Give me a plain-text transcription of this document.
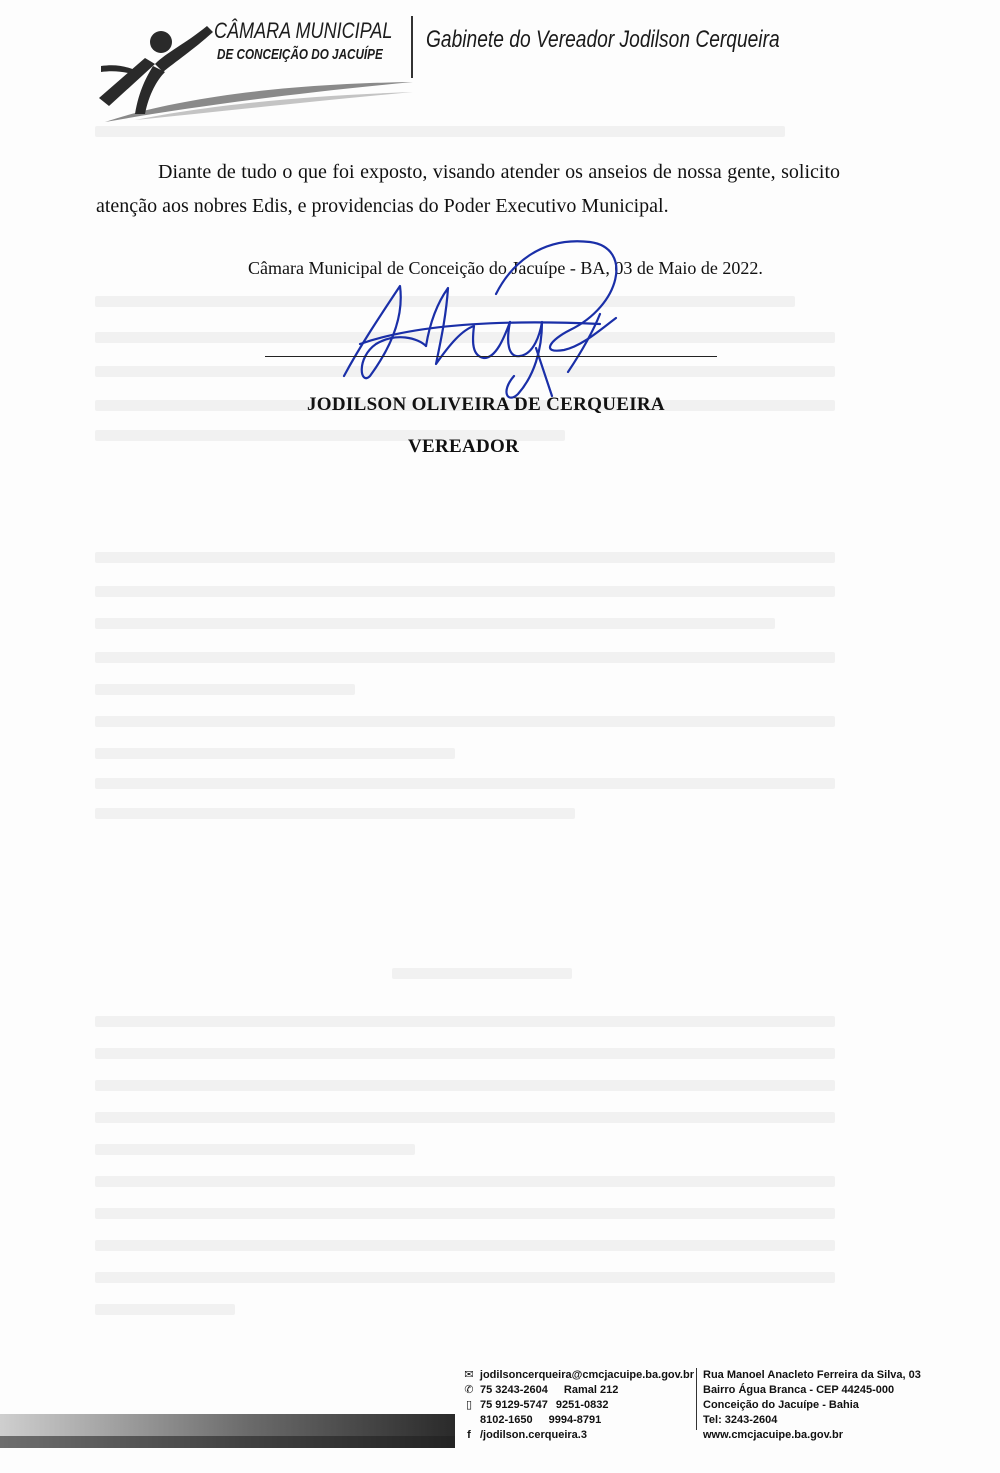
CÂMARA MUNICIPAL
DE CONCEIÇÃO DO JACUÍPE
Gabinete do Vereador Jodilson Cerqueira
Diante de tudo o que foi exposto, visando atender os anseios de nossa gente, solicito atenção aos nobres Edis, e providencias do Poder Executivo Municipal.
Câmara Municipal de Conceição do Jacuípe - BA, 03 de Maio de 2022.
JODILSON OLIVEIRA DE CERQUEIRA
VEREADOR
✉ jodilsoncerqueira@cmcjacuipe.ba.gov.br
✆ 75 3243-2604 Ramal 212
▯ 75 9129-5747 9251-0832
8102-1650 9994-8791
f /jodilson.cerqueira.3
Rua Manoel Anacleto Ferreira da Silva, 03
Bairro Água Branca - CEP 44245-000
Conceição do Jacuípe - Bahia
Tel: 3243-2604
www.cmcjacuipe.ba.gov.br
